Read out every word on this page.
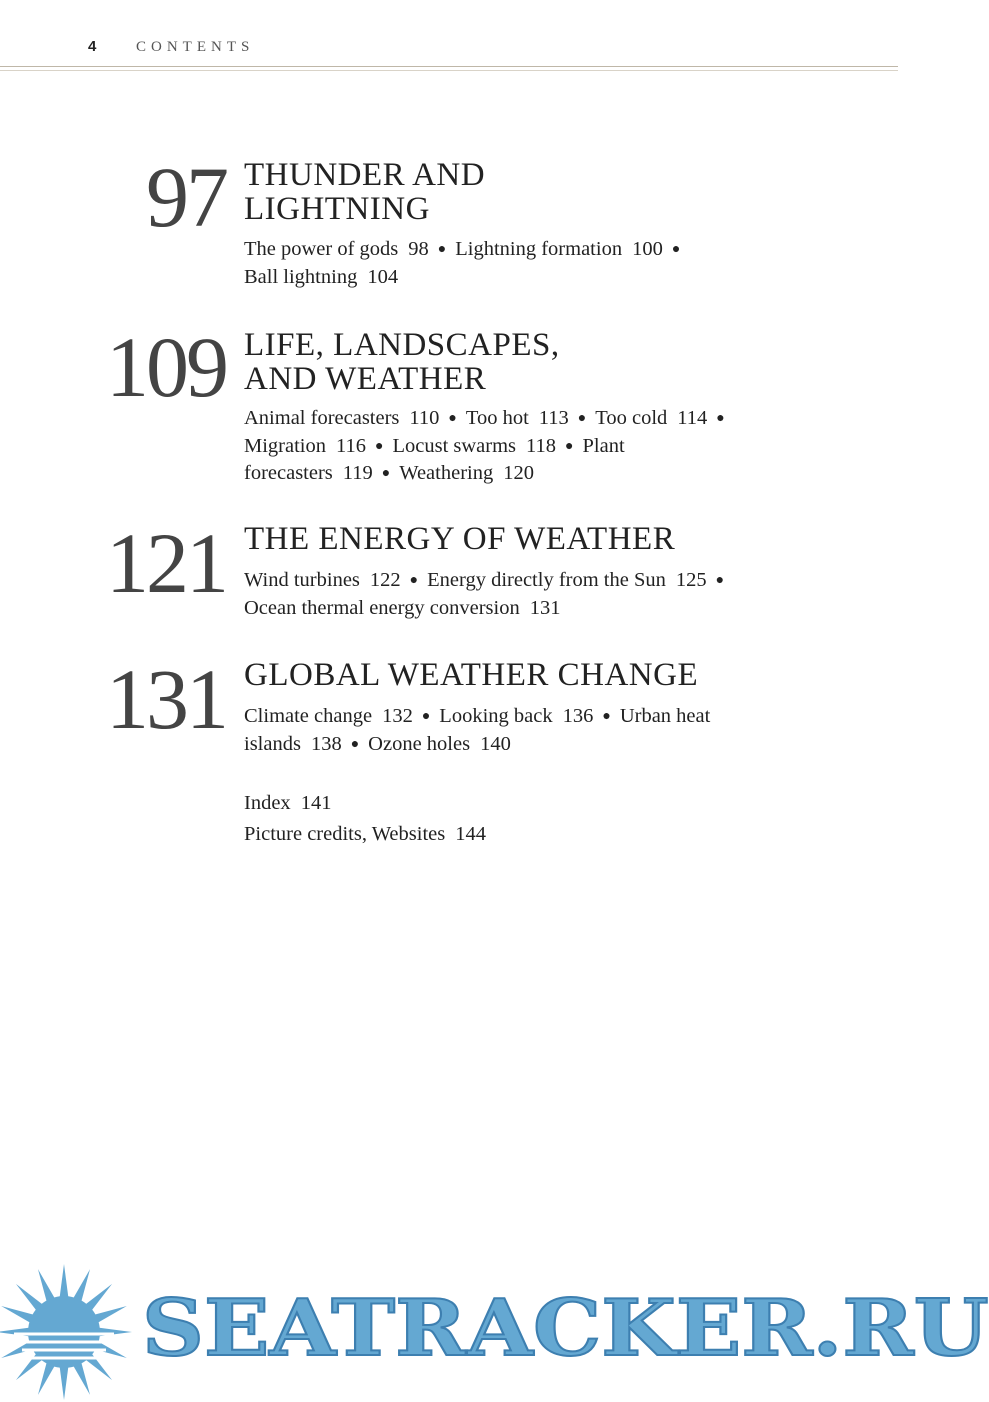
4	CONTENTS
97 THUNDER AND
LIGHTNING
The power of gods 98 ● Lightning formation 100 ●
Ball lightning 104
109 LIFE, LANDSCAPES,
AND WEATHER
Animal forecasters 110 ● Too hot 113 ● Too cold 114 ●
Migration 116 ● Locust swarms 118 ● Plant
forecasters 119 ● Weathering 120
121 THE ENERGY OF WEATHER
Wind turbines 122 ● Energy directly from the Sun 125 ●
Ocean thermal energy conversion 131
131 GLOBAL WEATHER CHANGE
Climate change 132 ● Looking back 136 ● Urban heat
islands 138 ● Ozone holes 140
Index 141
Picture credits, Websites 144
SEATRACKER.RU
